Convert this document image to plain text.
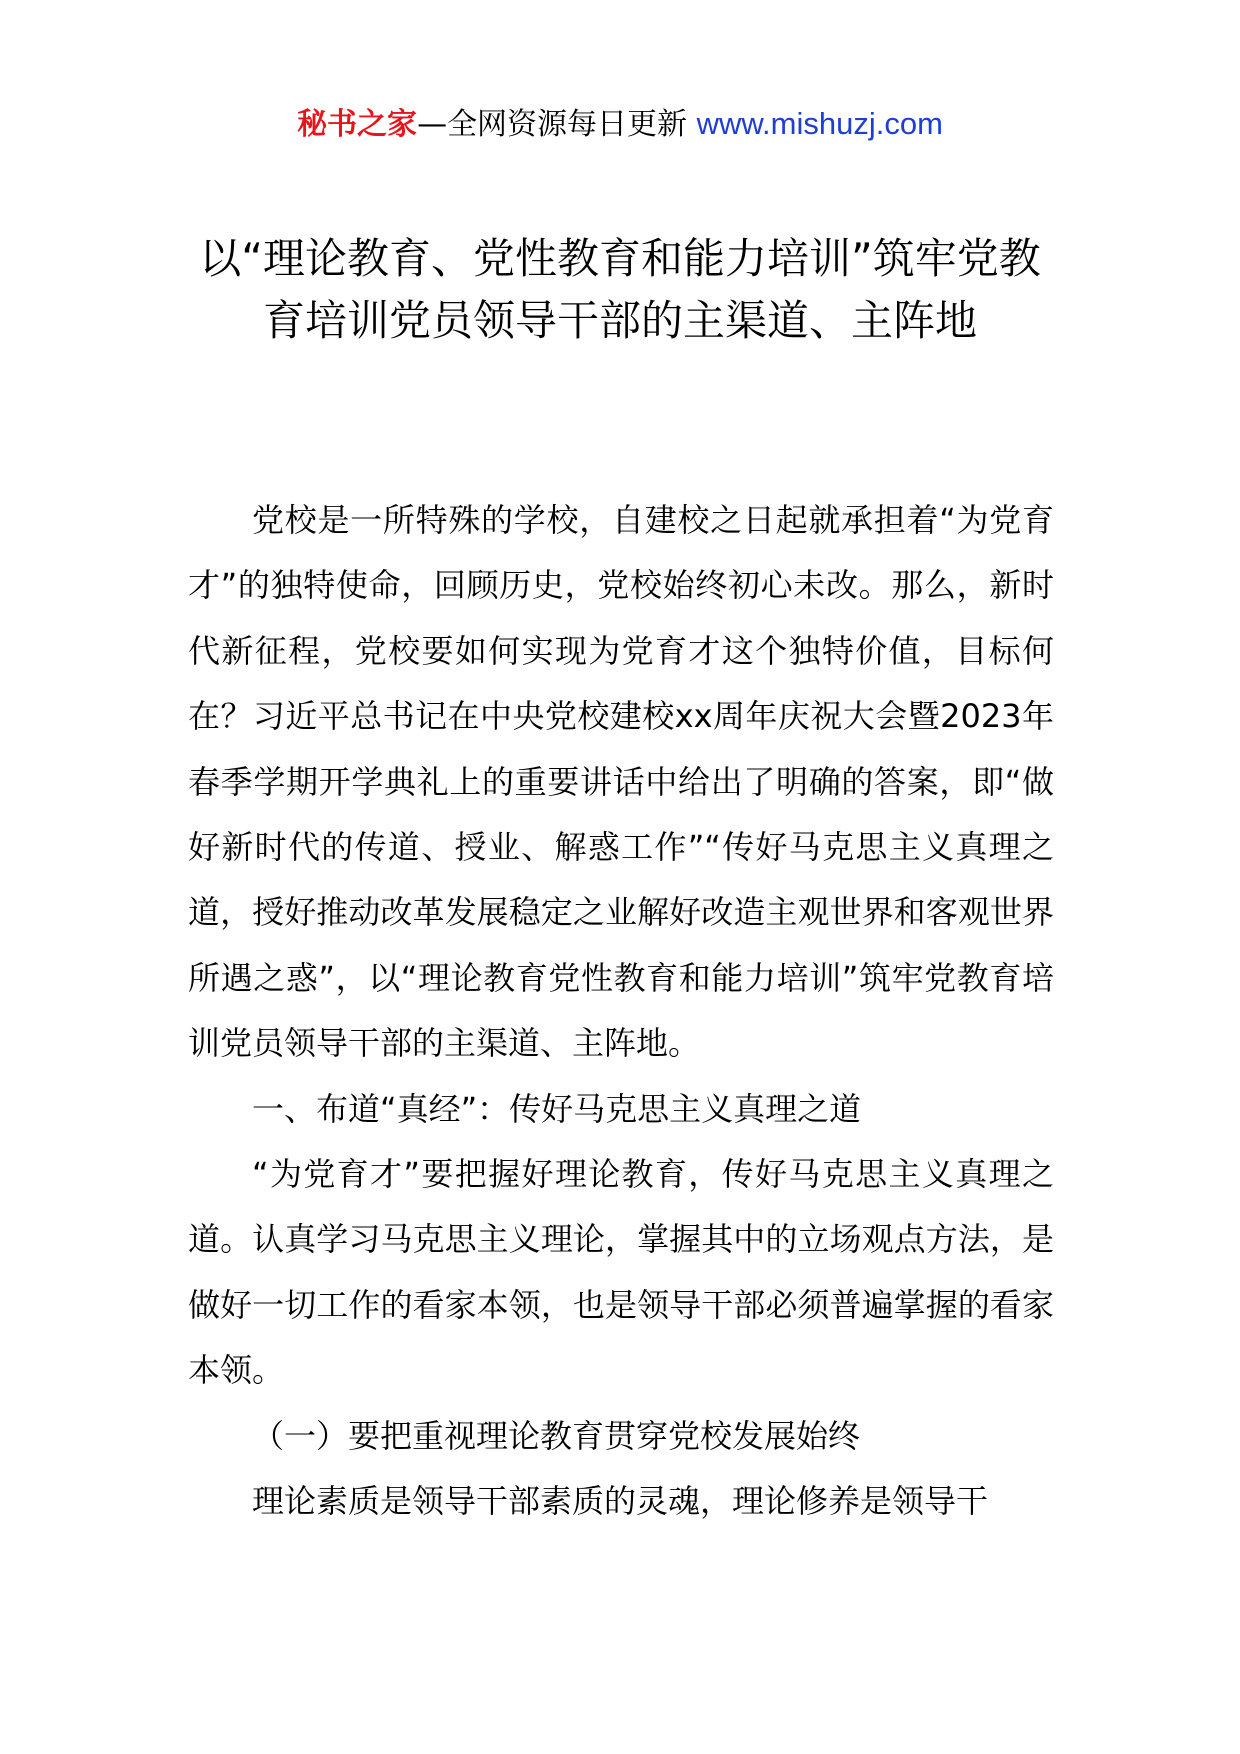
秘书之家—全网资源每日更新 www.mishuzj.com
以“理论教育、党性教育和能力培训”筑牢党教育培训党员领导干部的主渠道、主阵地

党校是一所特殊的学校，自建校之日起就承担着“为党育才”的独特使命，回顾历史，党校始终初心未改。那么，新时代新征程，党校要如何实现为党育才这个独特价值，目标何在？习近平总书记在中央党校建校xx周年庆祝大会暨2023年春季学期开学典礼上的重要讲话中给出了明确的答案，即“做好新时代的传道、授业、解惑工作”“传好马克思主义真理之道，授好推动改革发展稳定之业解好改造主观世界和客观世界所遇之惑”，以“理论教育党性教育和能力培训”筑牢党教育培训党员领导干部的主渠道、主阵地。

一、布道“真经”：传好马克思主义真理之道

“为党育才”要把握好理论教育，传好马克思主义真理之道。认真学习马克思主义理论，掌握其中的立场观点方法，是做好一切工作的看家本领，也是领导干部必须普遍掌握的看家本领。

（一）要把重视理论教育贯穿党校发展始终

理论素质是领导干部素质的灵魂，理论修养是领导干
